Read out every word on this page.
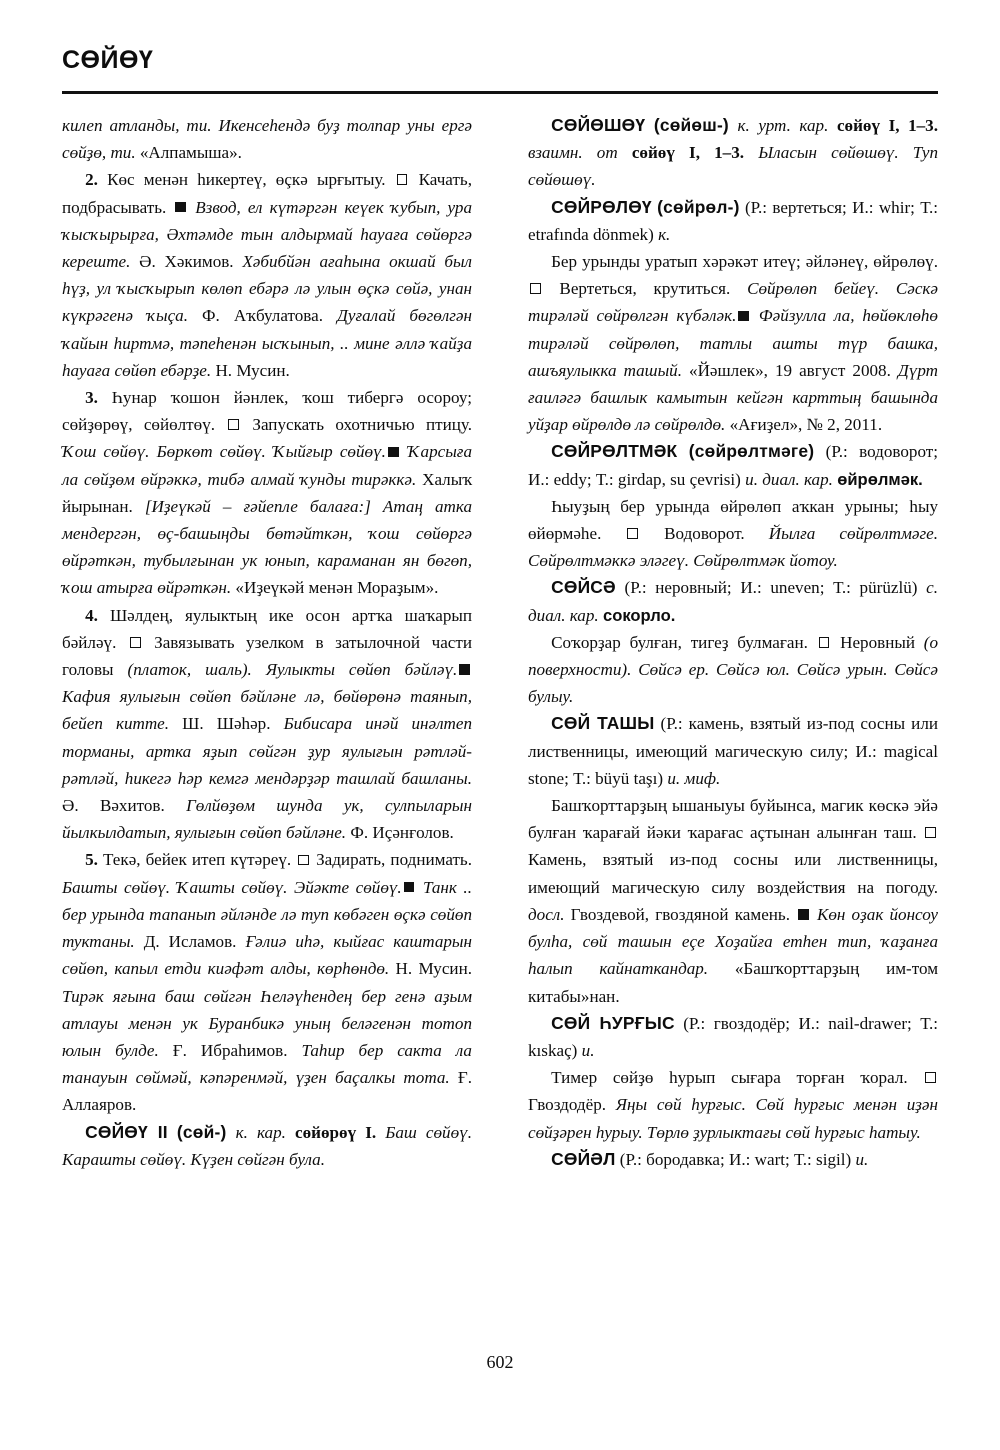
СӨЙӨҮ

килеп атланды, ти. Икенсеһендә буҙ толпар уны ергә сөйҙө, ти. «Алпамыша».

2. Көс менән һикертеү, өçкә ырғытыу.  Качать, подбрасывать.  Взвод, ел күтәргән кеүек ҡубып, ура ҡысҡырырға, Әхтәмде тын алдырмай һауаға сөйөргә кереште. Ә. Хәкимов. Хәбибйән ағаһына окшай был һүҙ, ул ҡысҡырып көлөп ебәрә лә улын өçкә сөйә, унан күкрәгенә ҡыça. Ф. Аҡбулатова. Дуғалай бөгөлгән ҡайын һиртмә, тәпеһенән ысҡынып, .. мине әллә ҡайҙа һауаға сөйөп ебәрҙе. Н. Мусин.

3. Һунар ҡошон йәнлек, ҡош тибергә осороу; сөйҙөрөү, сөйөлтөү.  Запускать охотничью птицу. Ҡош сөйөү. Бөркөт сөйөү. Ҡыйғыр сөйөү. Ҡарсыға ла сөйҙөм өйрәккә, тибә алмай ҡунды тирәккә. Халыҡ йырынан. [Иҙеүкәй – ғәйепле балаға:] Атаң атка мендергән, өç-башыңды бөтәйткән, ҡош сөйөргә өйрәткән, тубылғынан ук юнып, караманан ян бөгөп, ҡош атырға өйрәткән. «Иҙеүкәй менән Мораҙым».

4. Шәлдең, яулыктың ике осон артҡа шаҡарып бәйләү.  Завязывать узелком в затылочной части головы (платок, шаль). Яулыкты сөйөп бәйләү. Кафия яулығын сөйөп бәйләне лә, бөйөрөнә таянып, бейеп китте. Ш. Шәһәр. Бибисара инәй инәлтеп торманы, артка яҙып сөйгән ҙур яулығын рәтләй-рәтләй, һикегә һәр кемгә мендәрҙәр ташлай башланы. Ә. Вәхитов. Гөлйөҙөм шунда ук, сулпыларын йылкылдатып, яулығын сөйөп бәйләне. Ф. Иçәнғолов.

5. Текә, бейек итеп күтәреү.  Задирать, поднимать. Башты сөйөү. Ҡашты сөйөү. Эйәкте сөйөү. Танк .. бер урында тапанып әйләнде лә туп көбәген өçкә сөйөп туктаны. Д. Исламов. Ғәлиә иһә, кыйғас каштарын сөйөп, капыл етди киәфәт алды, көрһөндө. Н. Мусин. Тирәк яғына баш сөйгән Һеләүһендең бер генә аҙым атлауы менән ук Буранбикә уның беләгенән тотоп юлын булде. Ғ. Ибраһимов. Таһир бер сакта ла танауын сөймәй, кәпәренмәй, үҙен баçалкы тота. Ғ. Аллаяров.

СӨЙӨҮ II (сөй-) к. кар. сөйөрөү I. Баш сөйөү. Карашты сөйөү. Күҙен сөйгән була.

СӨЙӨШӨҮ (сөйөш-) к. урт. кар. сөйөү I, 1–3. взаимн. от сөйөү I, 1–3. Ыласын сөйөшөү. Туп сөйөшөү.

СӨЙРӨЛӨҮ (сөйрөл-) (Р.: вертеться; И.: whir; Т.: etrafında dönmek) к.

Бер урынды уратып хәрәкәт итеү; әйләнеү, өйрөлөү.  Вертеться, крутиться. Сөйрөлөп бейеү. Сәскә тирәләй сөйрөлгән күбәләк. Фәйзулла ла, һөйөклөһө тирәләй сөйрөлөп, татлы ашты түр башка, ашъяулыкка ташый. «Йәшлек», 19 август 2008. Дүрт ғаиләгә башлык камытын кейгән карттың башында уйҙар өйрөлдө лә сөйрөлдө. «Ағиҙел», № 2, 2011.

СӨЙРӨЛТМӘК (сөйрөлтмәге) (Р.: водоворот; И.: eddy; Т.: girdap, su çevrisi) и. диал. кар. өйрөлмәк.

Һыуҙың бер урында өйрөлөп аҡкан урыны; һыу өйөрмәһе.  Водоворот. Йылға сөйрөлтмәге. Сөйрөлтмәккә эләгеү. Сөйрөлтмәк йотоу.

СӨЙСӘ (Р.: неровный; И.: uneven; Т.: pürüzlü) с. диал. кар. сокорло.

Соҡорҙар булған, тигеҙ булмаған.  Неровный (о поверхности). Сөйсә ер. Сөйсә юл. Сөйсә урын. Сөйсә булыу.

СӨЙ ТАШЫ (Р.: камень, взятый из-под сосны или лиственницы, имеющий магическую силу; И.: magical stone; Т.: büyü taşı) и. миф.

Башҡорттарҙың ышаныуы буйынса, магик көскә эйә булған ҡарағай йәки ҡарағас аçтынан алынған таш.  Камень, взятый из-под сосны или лиственницы, имеющий магическую силу воздействия на погоду. досл. Гвоздевой, гвоздяной камень.  Көн оҙак йонсоу булһа, сөй ташын еçе Хоҙайға етһен тип, ҡаҙанға һалып кайнаткандар. «Башҡорттарҙың им-том китабы»нан.

СӨЙ ҺУРҒЫС (Р.: гвоздодёр; И.: nail-drawer; Т.: kıskaç) и.

Тимер сөйҙө һурып сығара торған ҡорал.  Гвоздодёр. Яңы сөй һурғыс. Сөй һурғыс менән иҙән сөйҙәрен һурыу. Төрлө ҙурлыктағы сөй һурғыс һатыу.

СӨЙӘЛ (Р.: бородавка; И.: wart; Т.: sigil) и.

602
